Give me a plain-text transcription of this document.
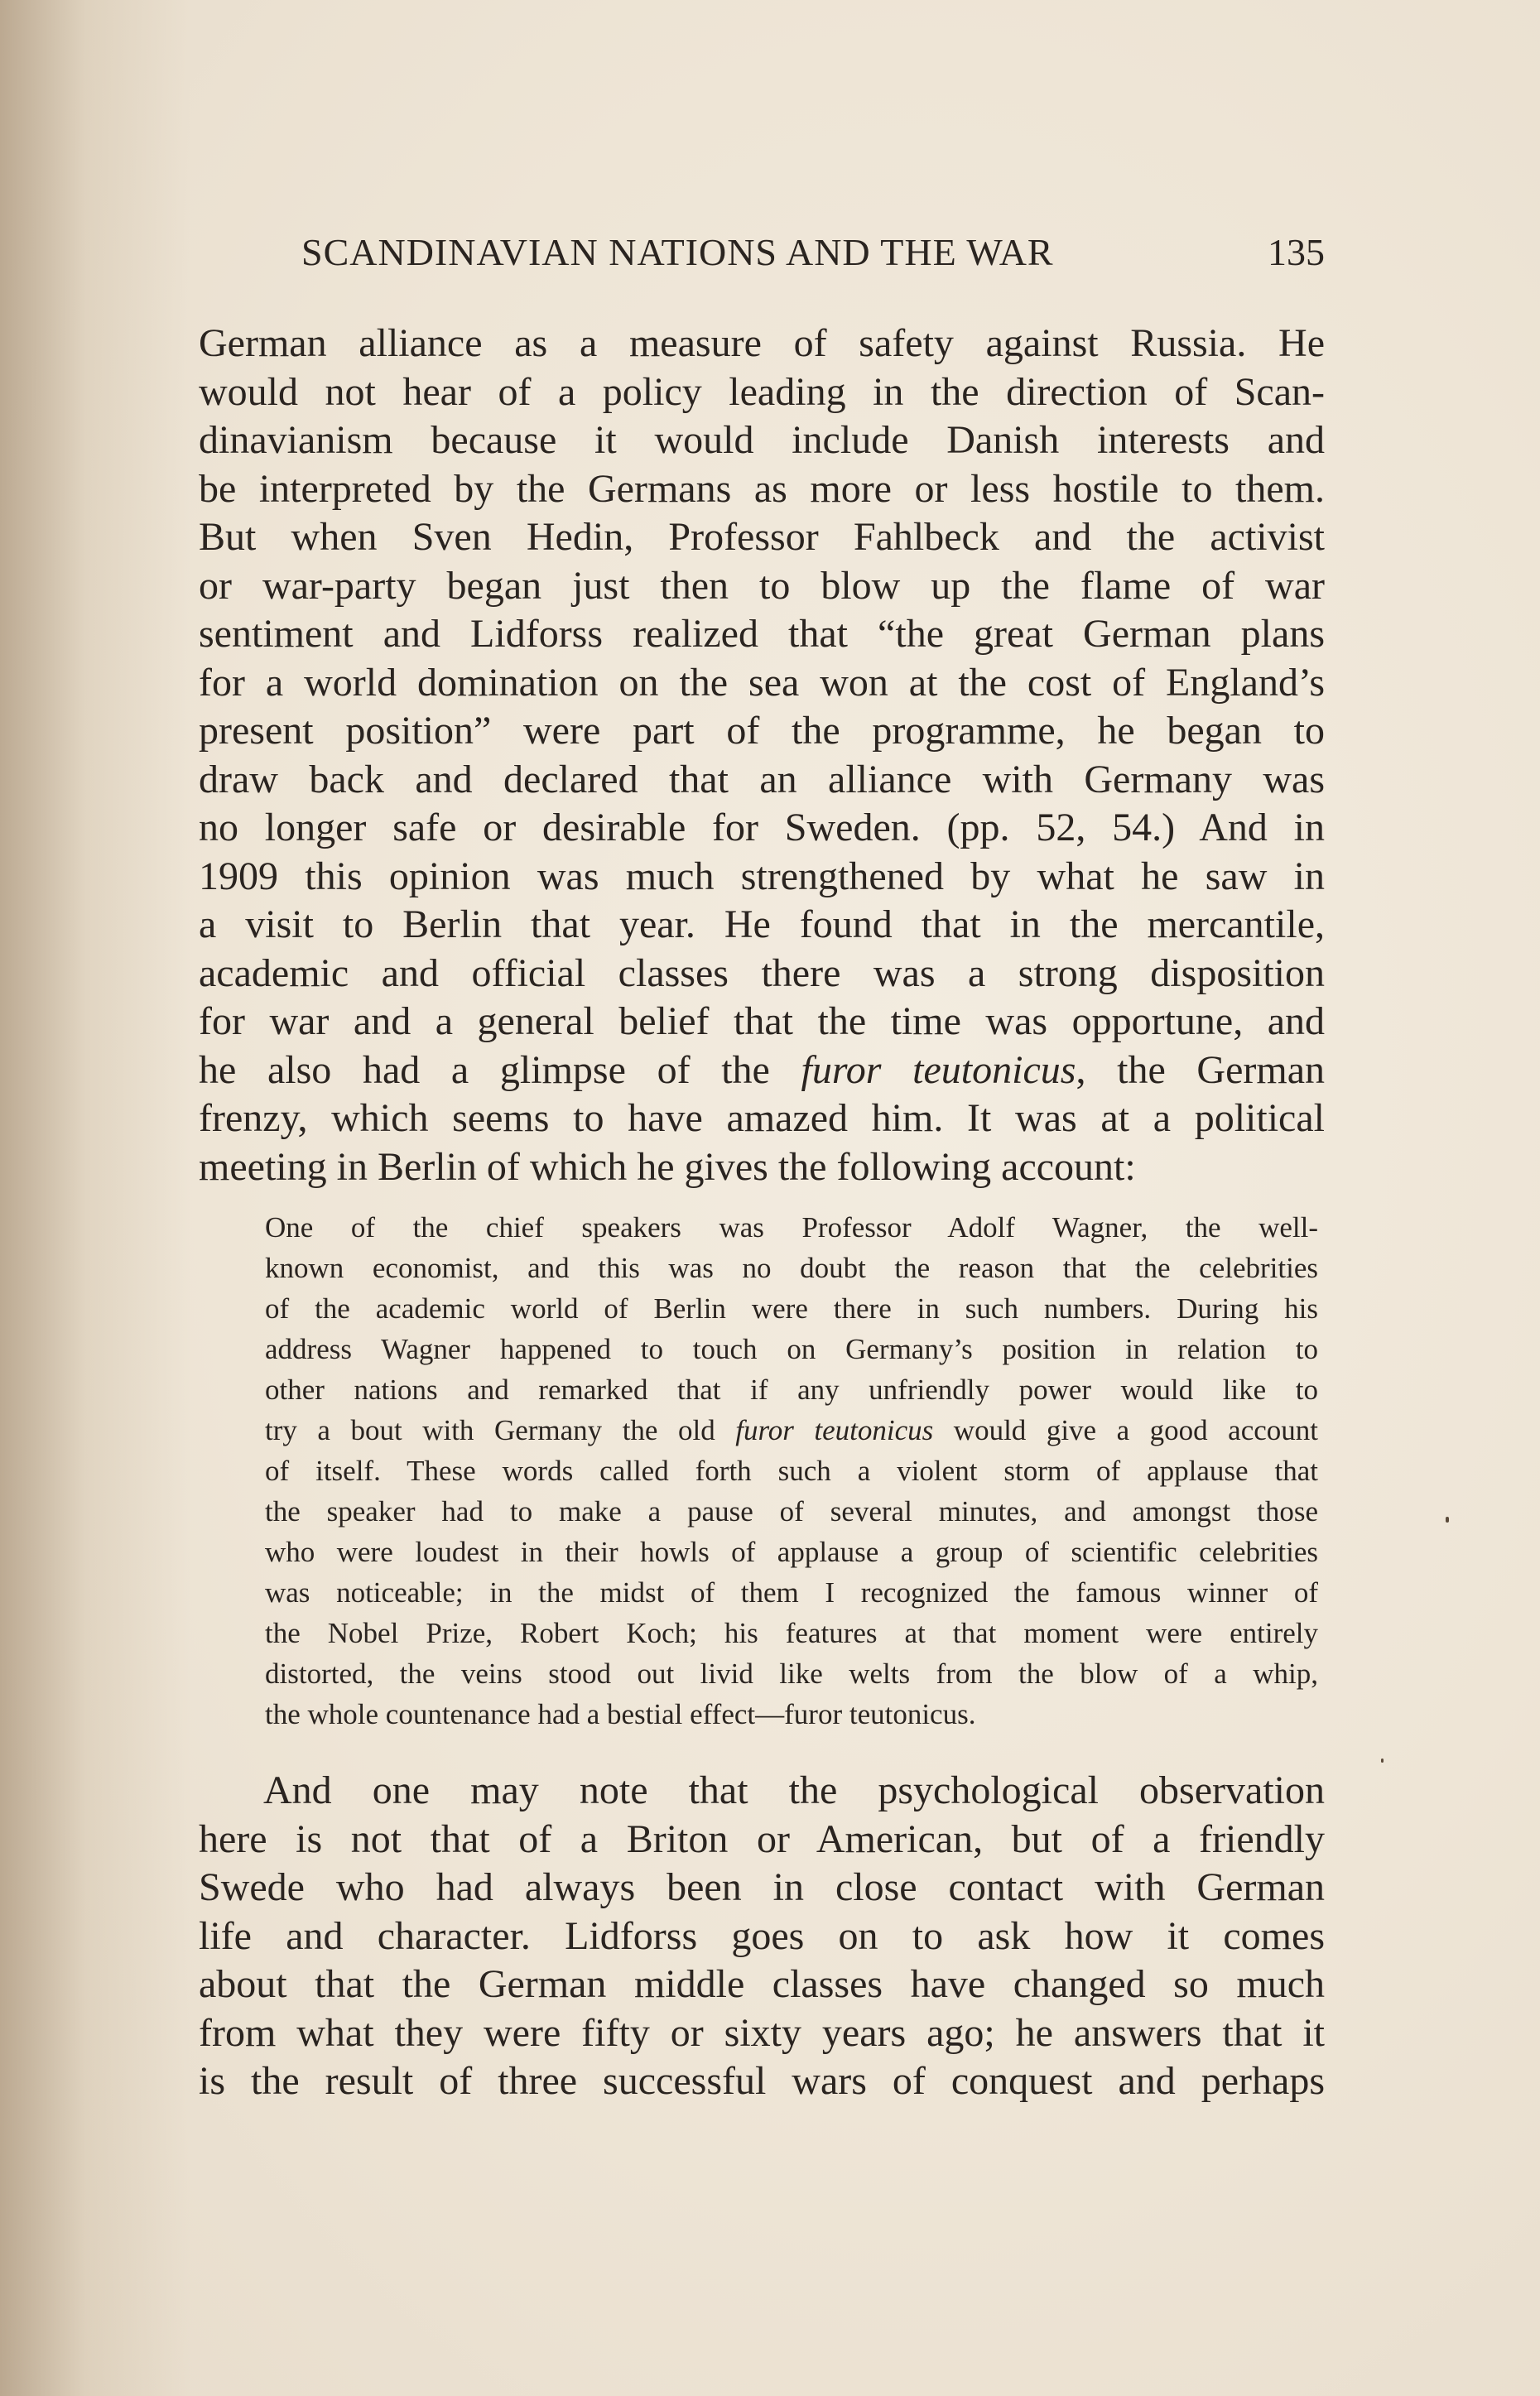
SCANDINAVIAN NATIONS AND THE WAR	135
German alliance as a measure of safety against Russia. He
would not hear of a policy leading in the direction of Scan-
dinavianism because it would include Danish interests and
be interpreted by the Germans as more or less hostile to them.
But when Sven Hedin, Professor Fahlbeck and the activist
or war-party began just then to blow up the flame of war
sentiment and Lidforss realized that “the great German plans
for a world domination on the sea won at the cost of England’s
present position” were part of the programme, he began to
draw back and declared that an alliance with Germany was
no longer safe or desirable for Sweden. (pp. 52, 54.) And in
1909 this opinion was much strengthened by what he saw in
a visit to Berlin that year. He found that in the mercantile,
academic and official classes there was a strong disposition
for war and a general belief that the time was opportune, and
he also had a glimpse of the furor teutonicus, the German
frenzy, which seems to have amazed him. It was at a political
meeting in Berlin of which he gives the following account:
One of the chief speakers was Professor Adolf Wagner, the well-
known economist, and this was no doubt the reason that the celebrities
of the academic world of Berlin were there in such numbers. During his
address Wagner happened to touch on Germany’s position in relation to
other nations and remarked that if any unfriendly power would like to
try a bout with Germany the old furor teutonicus would give a good account
of itself. These words called forth such a violent storm of applause that
the speaker had to make a pause of several minutes, and amongst those
who were loudest in their howls of applause a group of scientific celebrities
was noticeable; in the midst of them I recognized the famous winner of
the Nobel Prize, Robert Koch; his features at that moment were entirely
distorted, the veins stood out livid like welts from the blow of a whip,
the whole countenance had a bestial effect—furor teutonicus.
And one may note that the psychological observation
here is not that of a Briton or American, but of a friendly
Swede who had always been in close contact with German
life and character. Lidforss goes on to ask how it comes
about that the German middle classes have changed so much
from what they were fifty or sixty years ago; he answers that it
is the result of three successful wars of conquest and perhaps
